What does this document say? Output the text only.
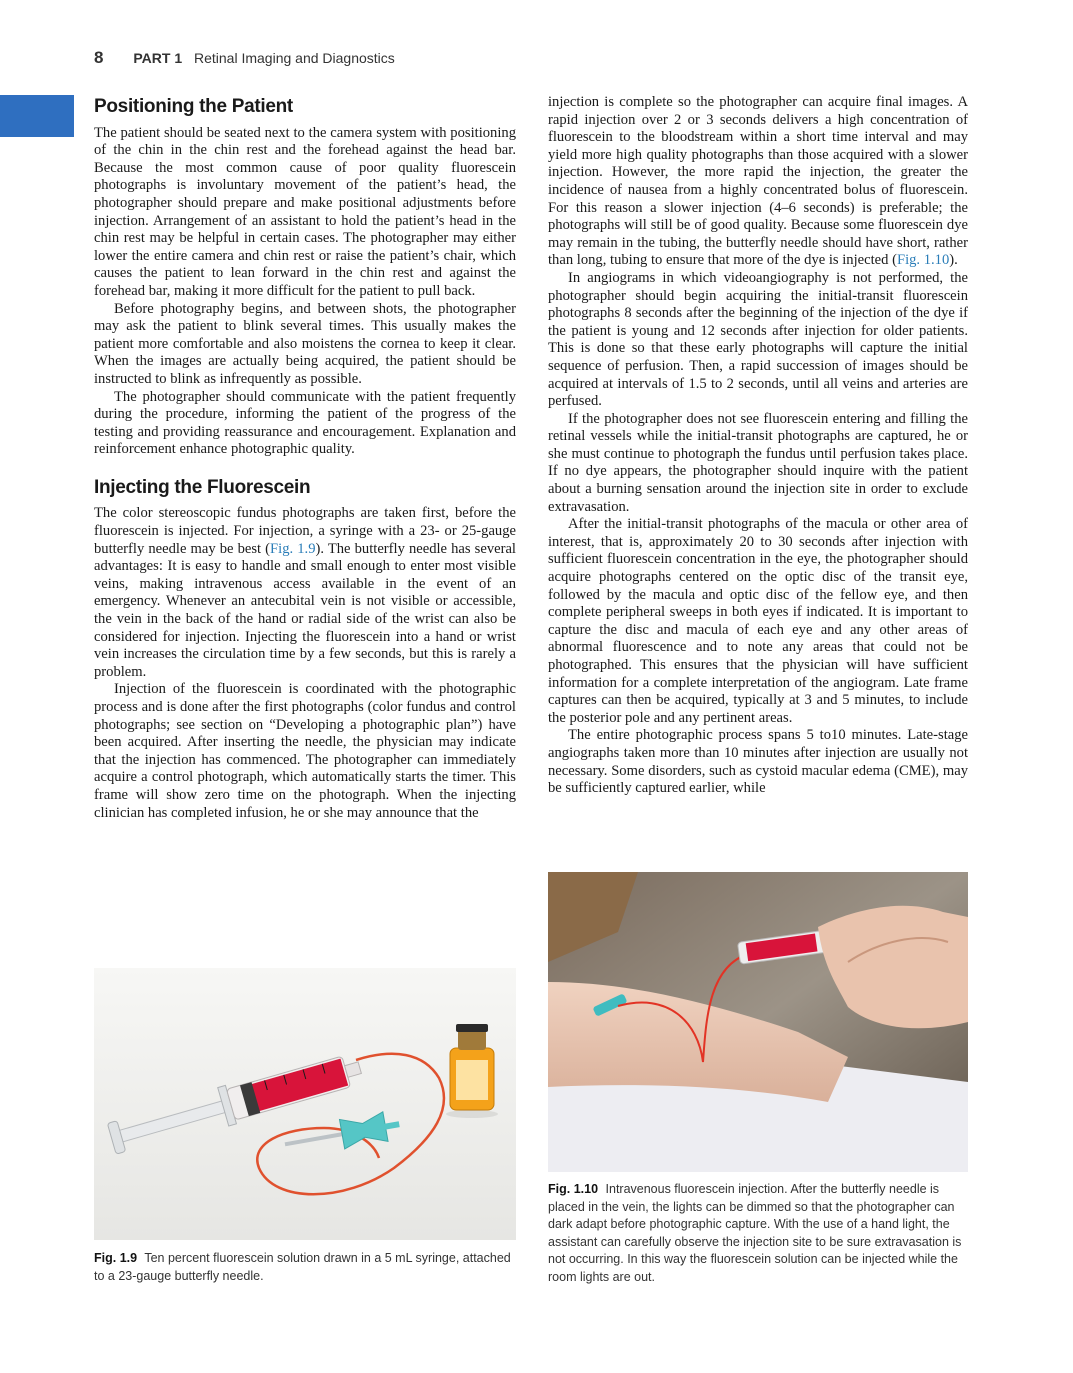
8 PART 1 Retinal Imaging and Diagnostics
Positioning the Patient

The patient should be seated next to the camera system with positioning of the chin in the chin rest and the forehead against the head bar. Because the most common cause of poor quality fluorescein photographs is involuntary movement of the patient’s head, the photographer should prepare and make positional adjustments before injection. Arrangement of an assistant to hold the patient’s head in the chin rest may be helpful in certain cases. The photographer may either lower the entire camera and chin rest or raise the patient’s chair, which causes the patient to lean forward in the chin rest and against the forehead bar, making it more difficult for the patient to pull back.

Before photography begins, and between shots, the photographer may ask the patient to blink several times. This usually makes the patient more comfortable and also moistens the cornea to keep it clear. When the images are actually being acquired, the patient should be instructed to blink as infrequently as possible.

The photographer should communicate with the patient frequently during the procedure, informing the patient of the progress of the testing and providing reassurance and encouragement. Explanation and reinforcement enhance photographic quality.

Injecting the Fluorescein

The color stereoscopic fundus photographs are taken first, before the fluorescein is injected. For injection, a syringe with a 23- or 25-gauge butterfly needle may be best (Fig. 1.9). The butterfly needle has several advantages: It is easy to handle and small enough to enter most visible veins, making intravenous access available in the event of an emergency. Whenever an antecubital vein is not visible or accessible, the vein in the back of the hand or radial side of the wrist can also be considered for injection. Injecting the fluorescein into a hand or wrist vein increases the circulation time by a few seconds, but this is rarely a problem.

Injection of the fluorescein is coordinated with the photographic process and is done after the first photographs (color fundus and control photographs; see section on “Developing a photographic plan”) have been acquired. After inserting the needle, the physician may indicate that the injection has commenced. The photographer can immediately acquire a control photograph, which automatically starts the timer. This frame will show zero time on the photograph. When the injecting clinician has completed infusion, he or she may announce that the

injection is complete so the photographer can acquire final images. A rapid injection over 2 or 3 seconds delivers a high concentration of fluorescein to the bloodstream within a short time interval and may yield more high quality photographs than those acquired with a slower injection. However, the more rapid the injection, the greater the incidence of nausea from a highly concentrated bolus of fluorescein. For this reason a slower injection (4–6 seconds) is preferable; the photographs will still be of good quality. Because some fluorescein dye may remain in the tubing, the butterfly needle should have short, rather than long, tubing to ensure that more of the dye is injected (Fig. 1.10).

In angiograms in which videoangiography is not performed, the photographer should begin acquiring the initial-transit fluorescein photographs 8 seconds after the beginning of the injection of the dye if the patient is young and 12 seconds after injection for older patients. This is done so that these early photographs will capture the initial sequence of perfusion. Then, a rapid succession of images should be acquired at intervals of 1.5 to 2 seconds, until all veins and arteries are perfused.

If the photographer does not see fluorescein entering and filling the retinal vessels while the initial-transit photographs are captured, he or she must continue to photograph the fundus until perfusion takes place. If no dye appears, the photographer should inquire with the patient about a burning sensation around the injection site in order to exclude extravasation.

After the initial-transit photographs of the macula or other area of interest, that is, approximately 20 to 30 seconds after injection with sufficient fluorescein concentration in the eye, the photographer should acquire photographs centered on the optic disc of the transit eye, followed by the macula and optic disc of the fellow eye, and then complete peripheral sweeps in both eyes if indicated. It is important to capture the disc and macula of each eye and any other areas of abnormal fluorescence and to note any areas that could not be photographed. This ensures that the physician will have sufficient information for a complete interpretation of the angiogram. Late frame captures can then be acquired, typically at 3 and 5 minutes, to include the posterior pole and any pertinent areas.

The entire photographic process spans 5 to10 minutes. Late-stage angiographs taken more than 10 minutes after injection are usually not necessary. Some disorders, such as cystoid macular edema (CME), may be sufficiently captured earlier, while

Fig. 1.9 Ten percent fluorescein solution drawn in a 5 mL syringe, attached to a 23-gauge butterfly needle.
Fig. 1.10 Intravenous fluorescein injection. After the butterfly needle is placed in the vein, the lights can be dimmed so that the photographer can dark adapt before photographic capture. With the use of a hand light, the assistant can carefully observe the injection site to be sure extravasation is not occurring. In this way the fluorescein solution can be injected while the room lights are out.
